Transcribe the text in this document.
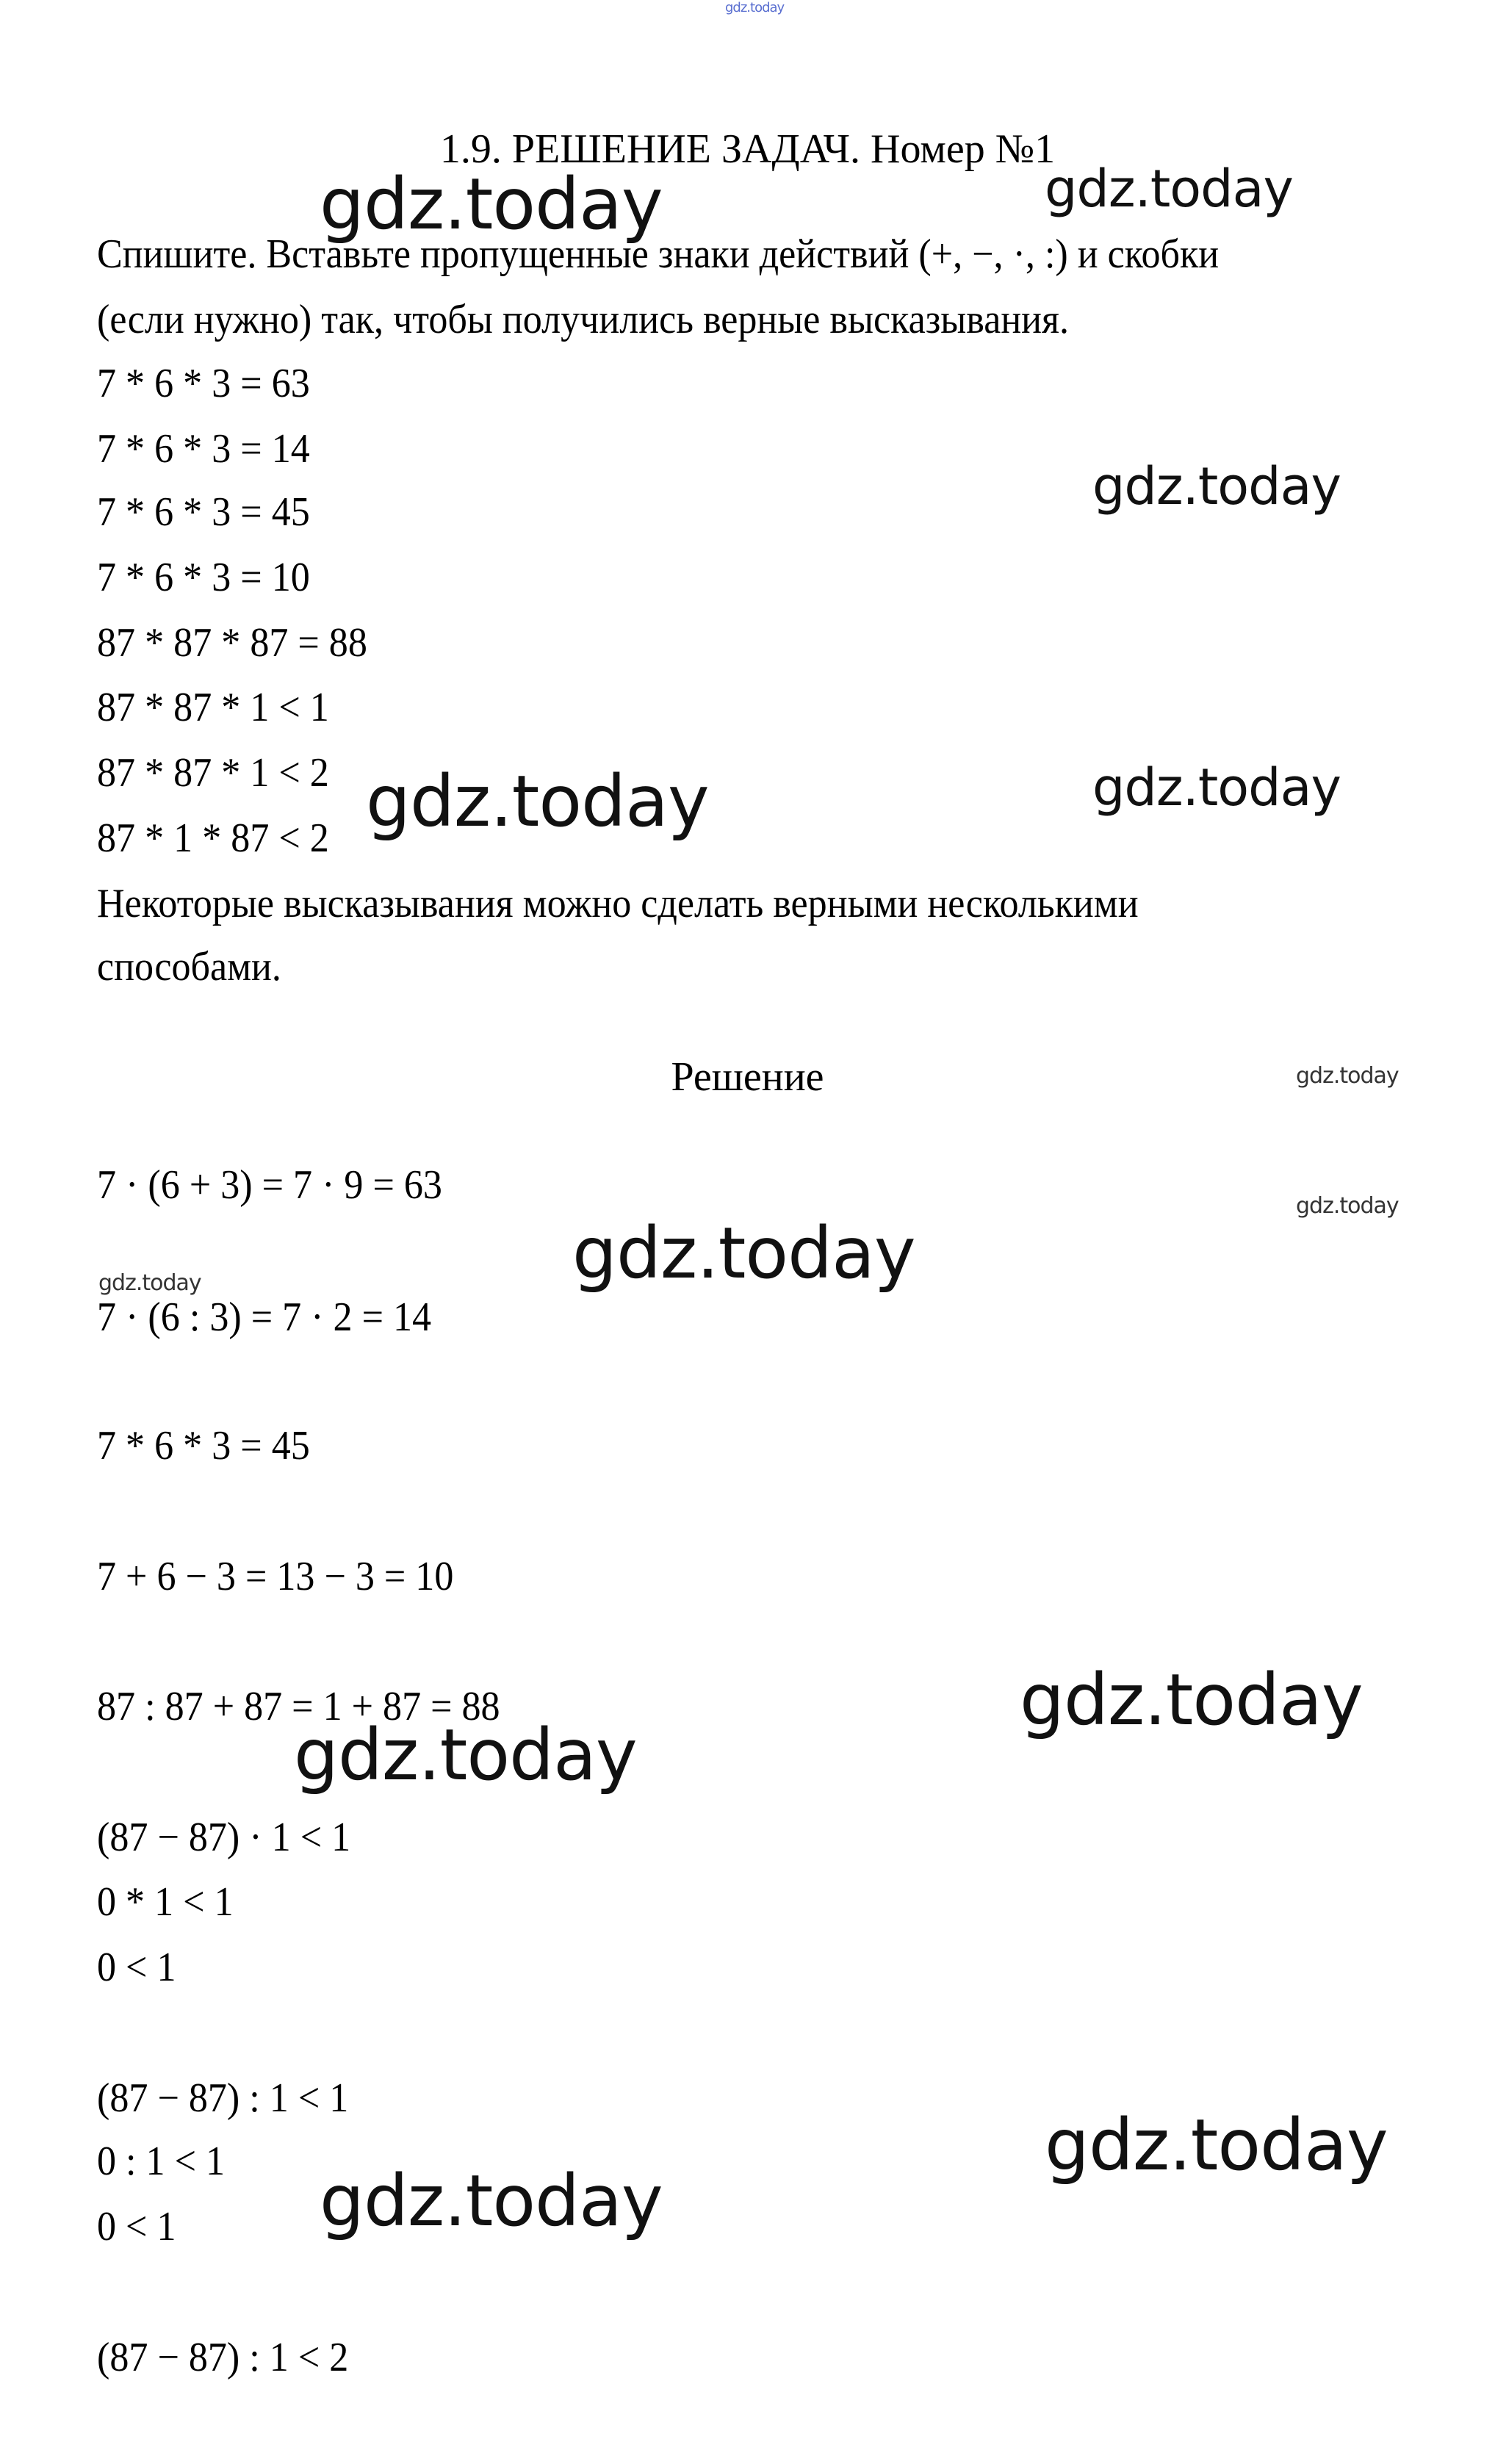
1.9. РЕШЕНИЕ ЗАДАЧ. Номер №1
Спишите. Вставьте пропущенные знаки действий (+, −, ·, :) и скобки
(если нужно) так, чтобы получились верные высказывания.
7 * 6 * 3 = 63
7 * 6 * 3 = 14
7 * 6 * 3 = 45
7 * 6 * 3 = 10
87 * 87 * 87 = 88
87 * 87 * 1 < 1
87 * 87 * 1 < 2
87 * 1 * 87 < 2
Некоторые высказывания можно сделать верными несколькими
способами.
Решение
7 · (6 + 3) = 7 · 9 = 63
7 · (6 : 3) = 7 · 2 = 14
7 * 6 * 3 = 45
7 + 6 − 3 = 13 − 3 = 10
87 : 87 + 87 = 1 + 87 = 88
(87 − 87) · 1 < 1
0 * 1 < 1
0 < 1
(87 − 87) : 1 < 1
0 : 1 < 1
0 < 1
(87 − 87) : 1 < 2
gdz.today
gdz.today	gdz.today
gdz.today
gdz.today	gdz.today
gdz.today
gdz.today
gdz.today	gdz.today
gdz.today
gdz.today
gdz.today
gdz.today
